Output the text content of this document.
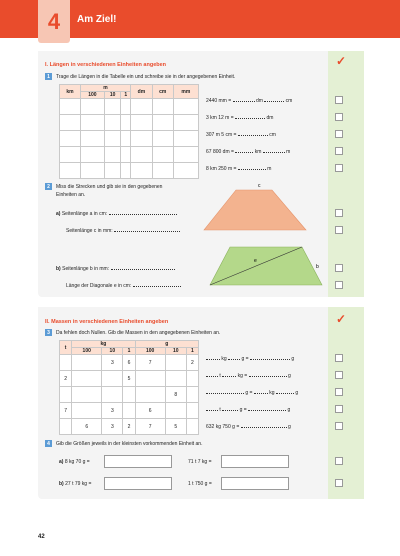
4	Am Ziel!
✓
I. Längen in verschiedenen Einheiten angeben
1	Trage die Längen in die Tabelle ein und schreibe sie in der angegebenen Einheit.
km	m			dm	cm	mm
	100	10	1			

2440 mm =	dm	cm
3 km 12 m =	dm
307 m 5 cm =	cm
67 800 dm =	km	m
8 km 250 m =	m
2	Miss die Strecken und gib sie in den gegebenen
Einheiten an.
a) Seitenlänge a in cm:
Seitenlänge c in mm:
b) Seitenlänge b in mm:
Länge der Diagonale e in cm:
c
e
b
✓
II. Massen in verschiedenen Einheiten angeben
3	Da fehlen doch Nullen. Gib die Massen in den angegebenen Einheiten an.
t	kg			g		
	100	10	1	100	10	1
		3	6	7		2
2			5			
					8	
7		3		6		
	6	3	2	7	5	
kg	g =	g
t	kg =	g
g =	kg	g
t	g =	g
632 kg 750 g =	g
4	Gib die Größen jeweils in der kleinsten vorkommenden Einheit an.
a) 8 kg 70 g =	71 t 7 kg =
b) 27 t 79 kg =	1 t 750 g =
42
